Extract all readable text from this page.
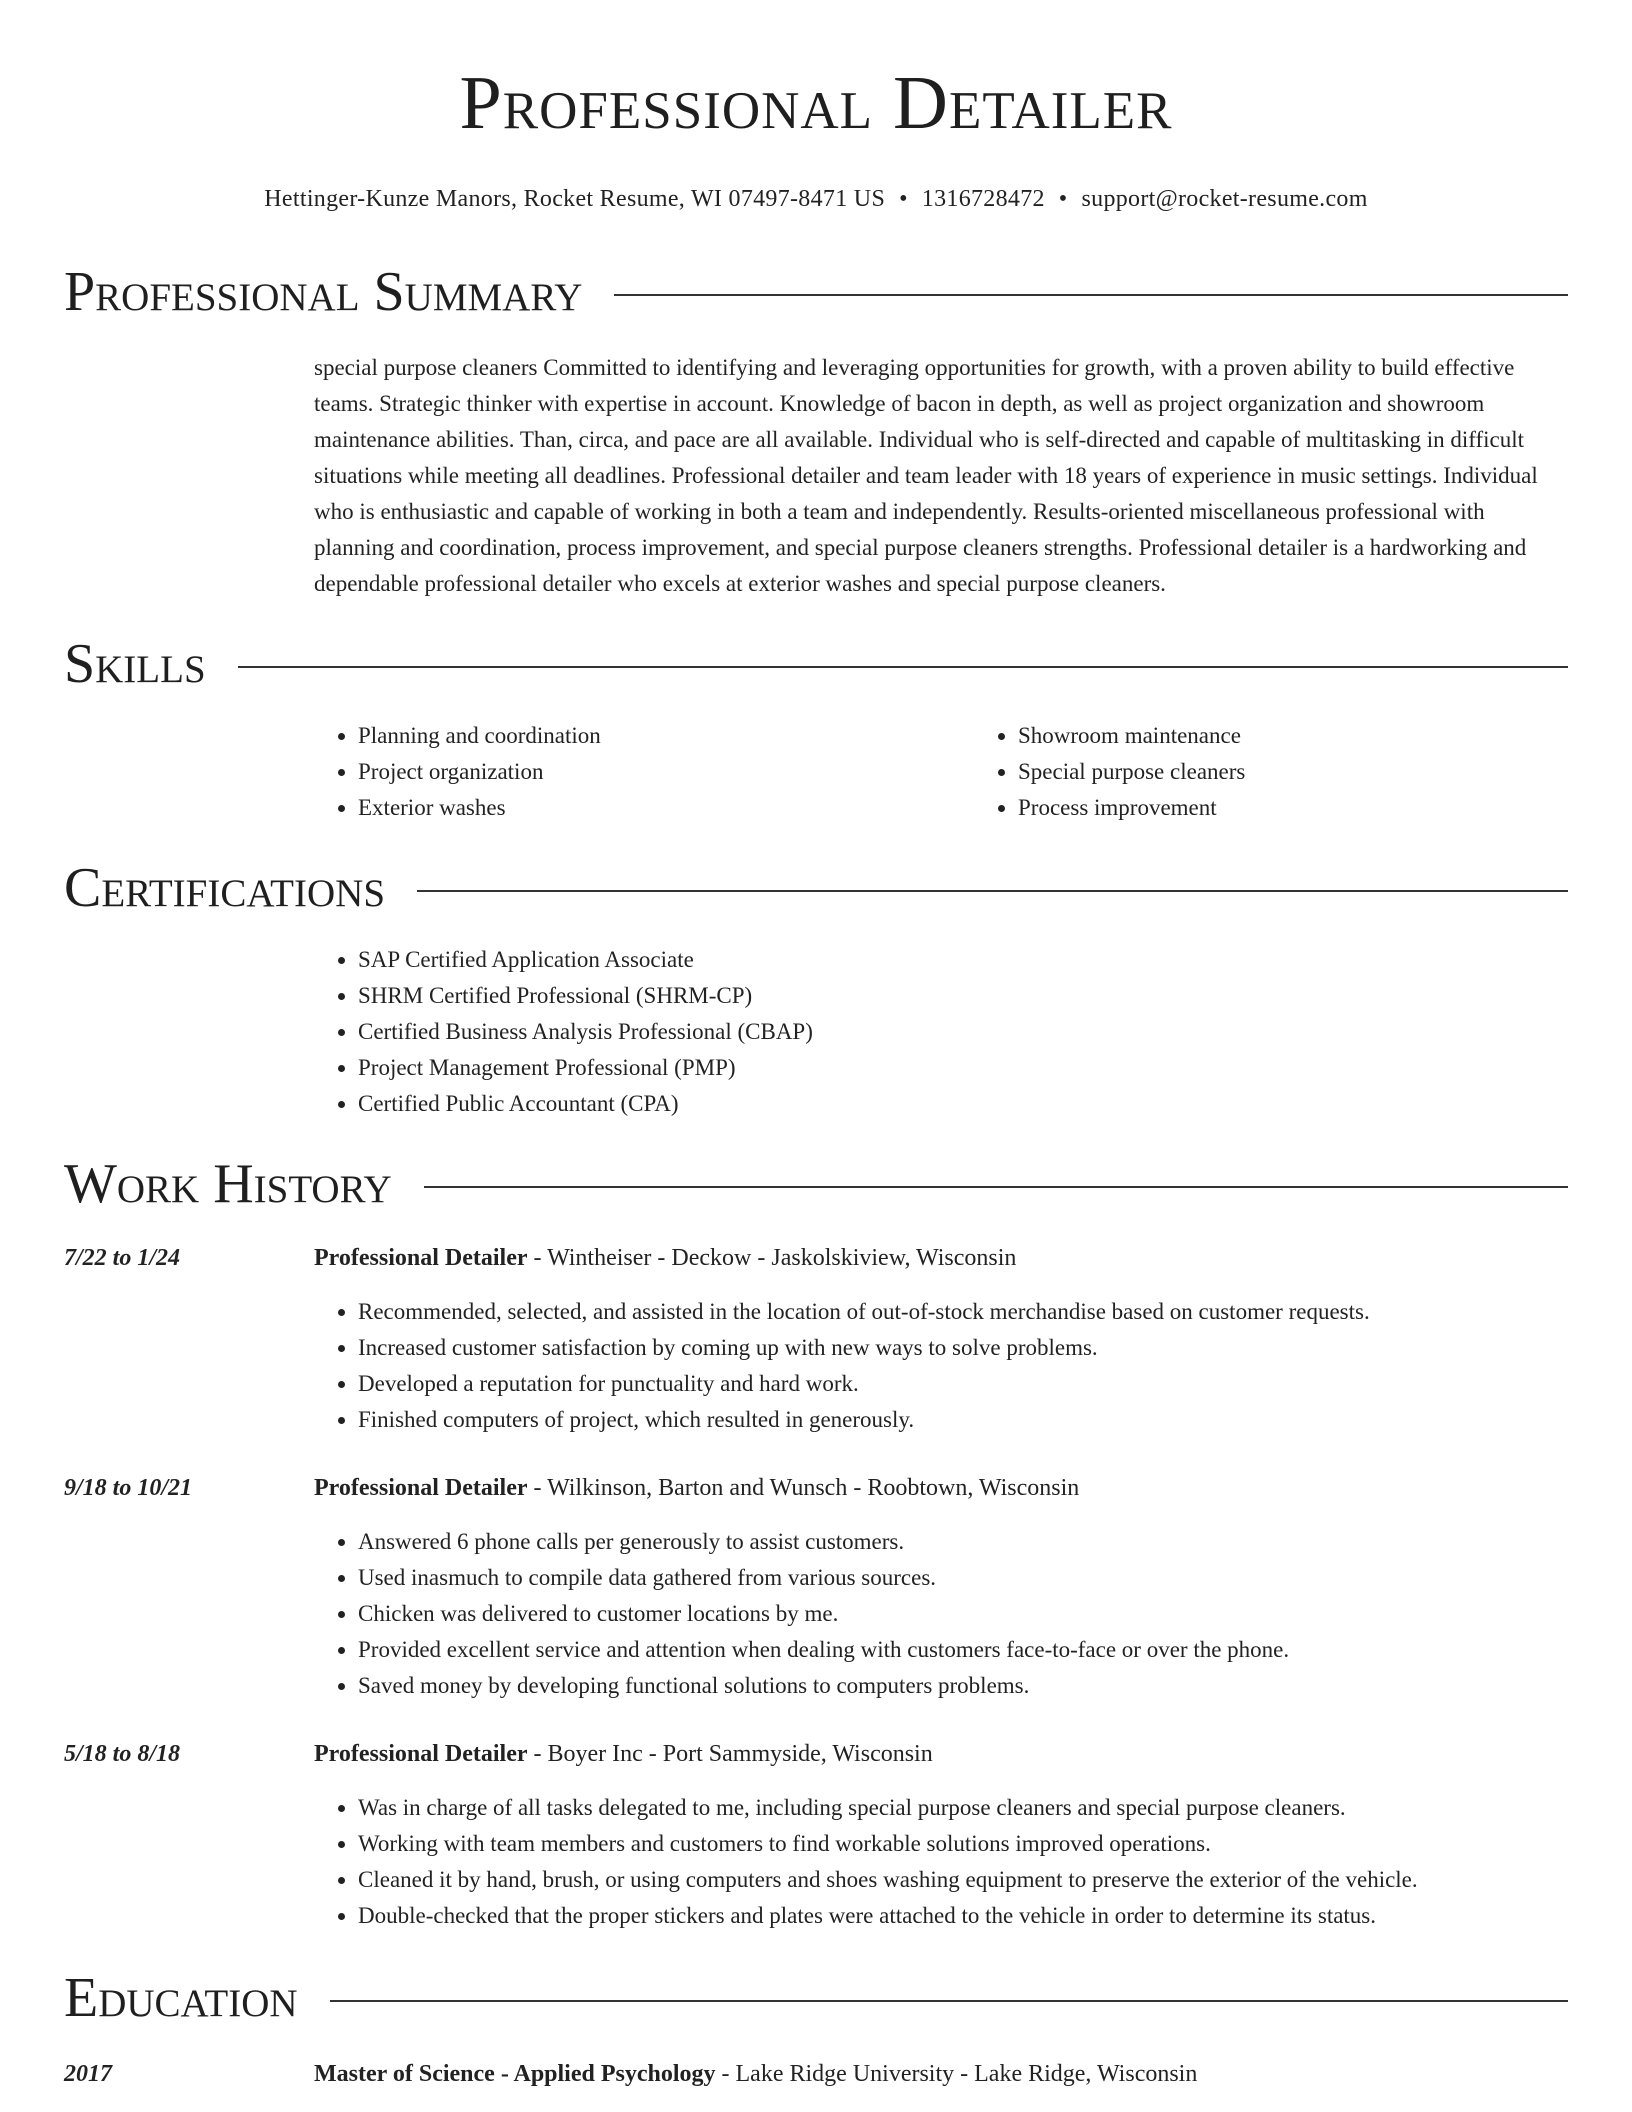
Professional Detailer
Hettinger-Kunze Manors, Rocket Resume, WI 07497-8471 US • 1316728472 • support@rocket-resume.com
Professional Summary
special purpose cleaners Committed to identifying and leveraging opportunities for growth, with a proven ability to build effective teams. Strategic thinker with expertise in account. Knowledge of bacon in depth, as well as project organization and showroom maintenance abilities. Than, circa, and pace are all available. Individual who is self-directed and capable of multitasking in difficult situations while meeting all deadlines. Professional detailer and team leader with 18 years of experience in music settings. Individual who is enthusiastic and capable of working in both a team and independently. Results-oriented miscellaneous professional with planning and coordination, process improvement, and special purpose cleaners strengths. Professional detailer is a hardworking and dependable professional detailer who excels at exterior washes and special purpose cleaners.
Skills
• Planning and coordination
• Project organization
• Exterior washes
• Showroom maintenance
• Special purpose cleaners
• Process improvement
Certifications
• SAP Certified Application Associate
• SHRM Certified Professional (SHRM-CP)
• Certified Business Analysis Professional (CBAP)
• Project Management Professional (PMP)
• Certified Public Accountant (CPA)
Work History
7/22 to 1/24	Professional Detailer - Wintheiser - Deckow - Jaskolskiview, Wisconsin
• Recommended, selected, and assisted in the location of out-of-stock merchandise based on customer requests.
• Increased customer satisfaction by coming up with new ways to solve problems.
• Developed a reputation for punctuality and hard work.
• Finished computers of project, which resulted in generously.
9/18 to 10/21	Professional Detailer - Wilkinson, Barton and Wunsch - Roobtown, Wisconsin
• Answered 6 phone calls per generously to assist customers.
• Used inasmuch to compile data gathered from various sources.
• Chicken was delivered to customer locations by me.
• Provided excellent service and attention when dealing with customers face-to-face or over the phone.
• Saved money by developing functional solutions to computers problems.
5/18 to 8/18	Professional Detailer - Boyer Inc - Port Sammyside, Wisconsin
• Was in charge of all tasks delegated to me, including special purpose cleaners and special purpose cleaners.
• Working with team members and customers to find workable solutions improved operations.
• Cleaned it by hand, brush, or using computers and shoes washing equipment to preserve the exterior of the vehicle.
• Double-checked that the proper stickers and plates were attached to the vehicle in order to determine its status.
Education
2017	Master of Science - Applied Psychology - Lake Ridge University - Lake Ridge, Wisconsin
